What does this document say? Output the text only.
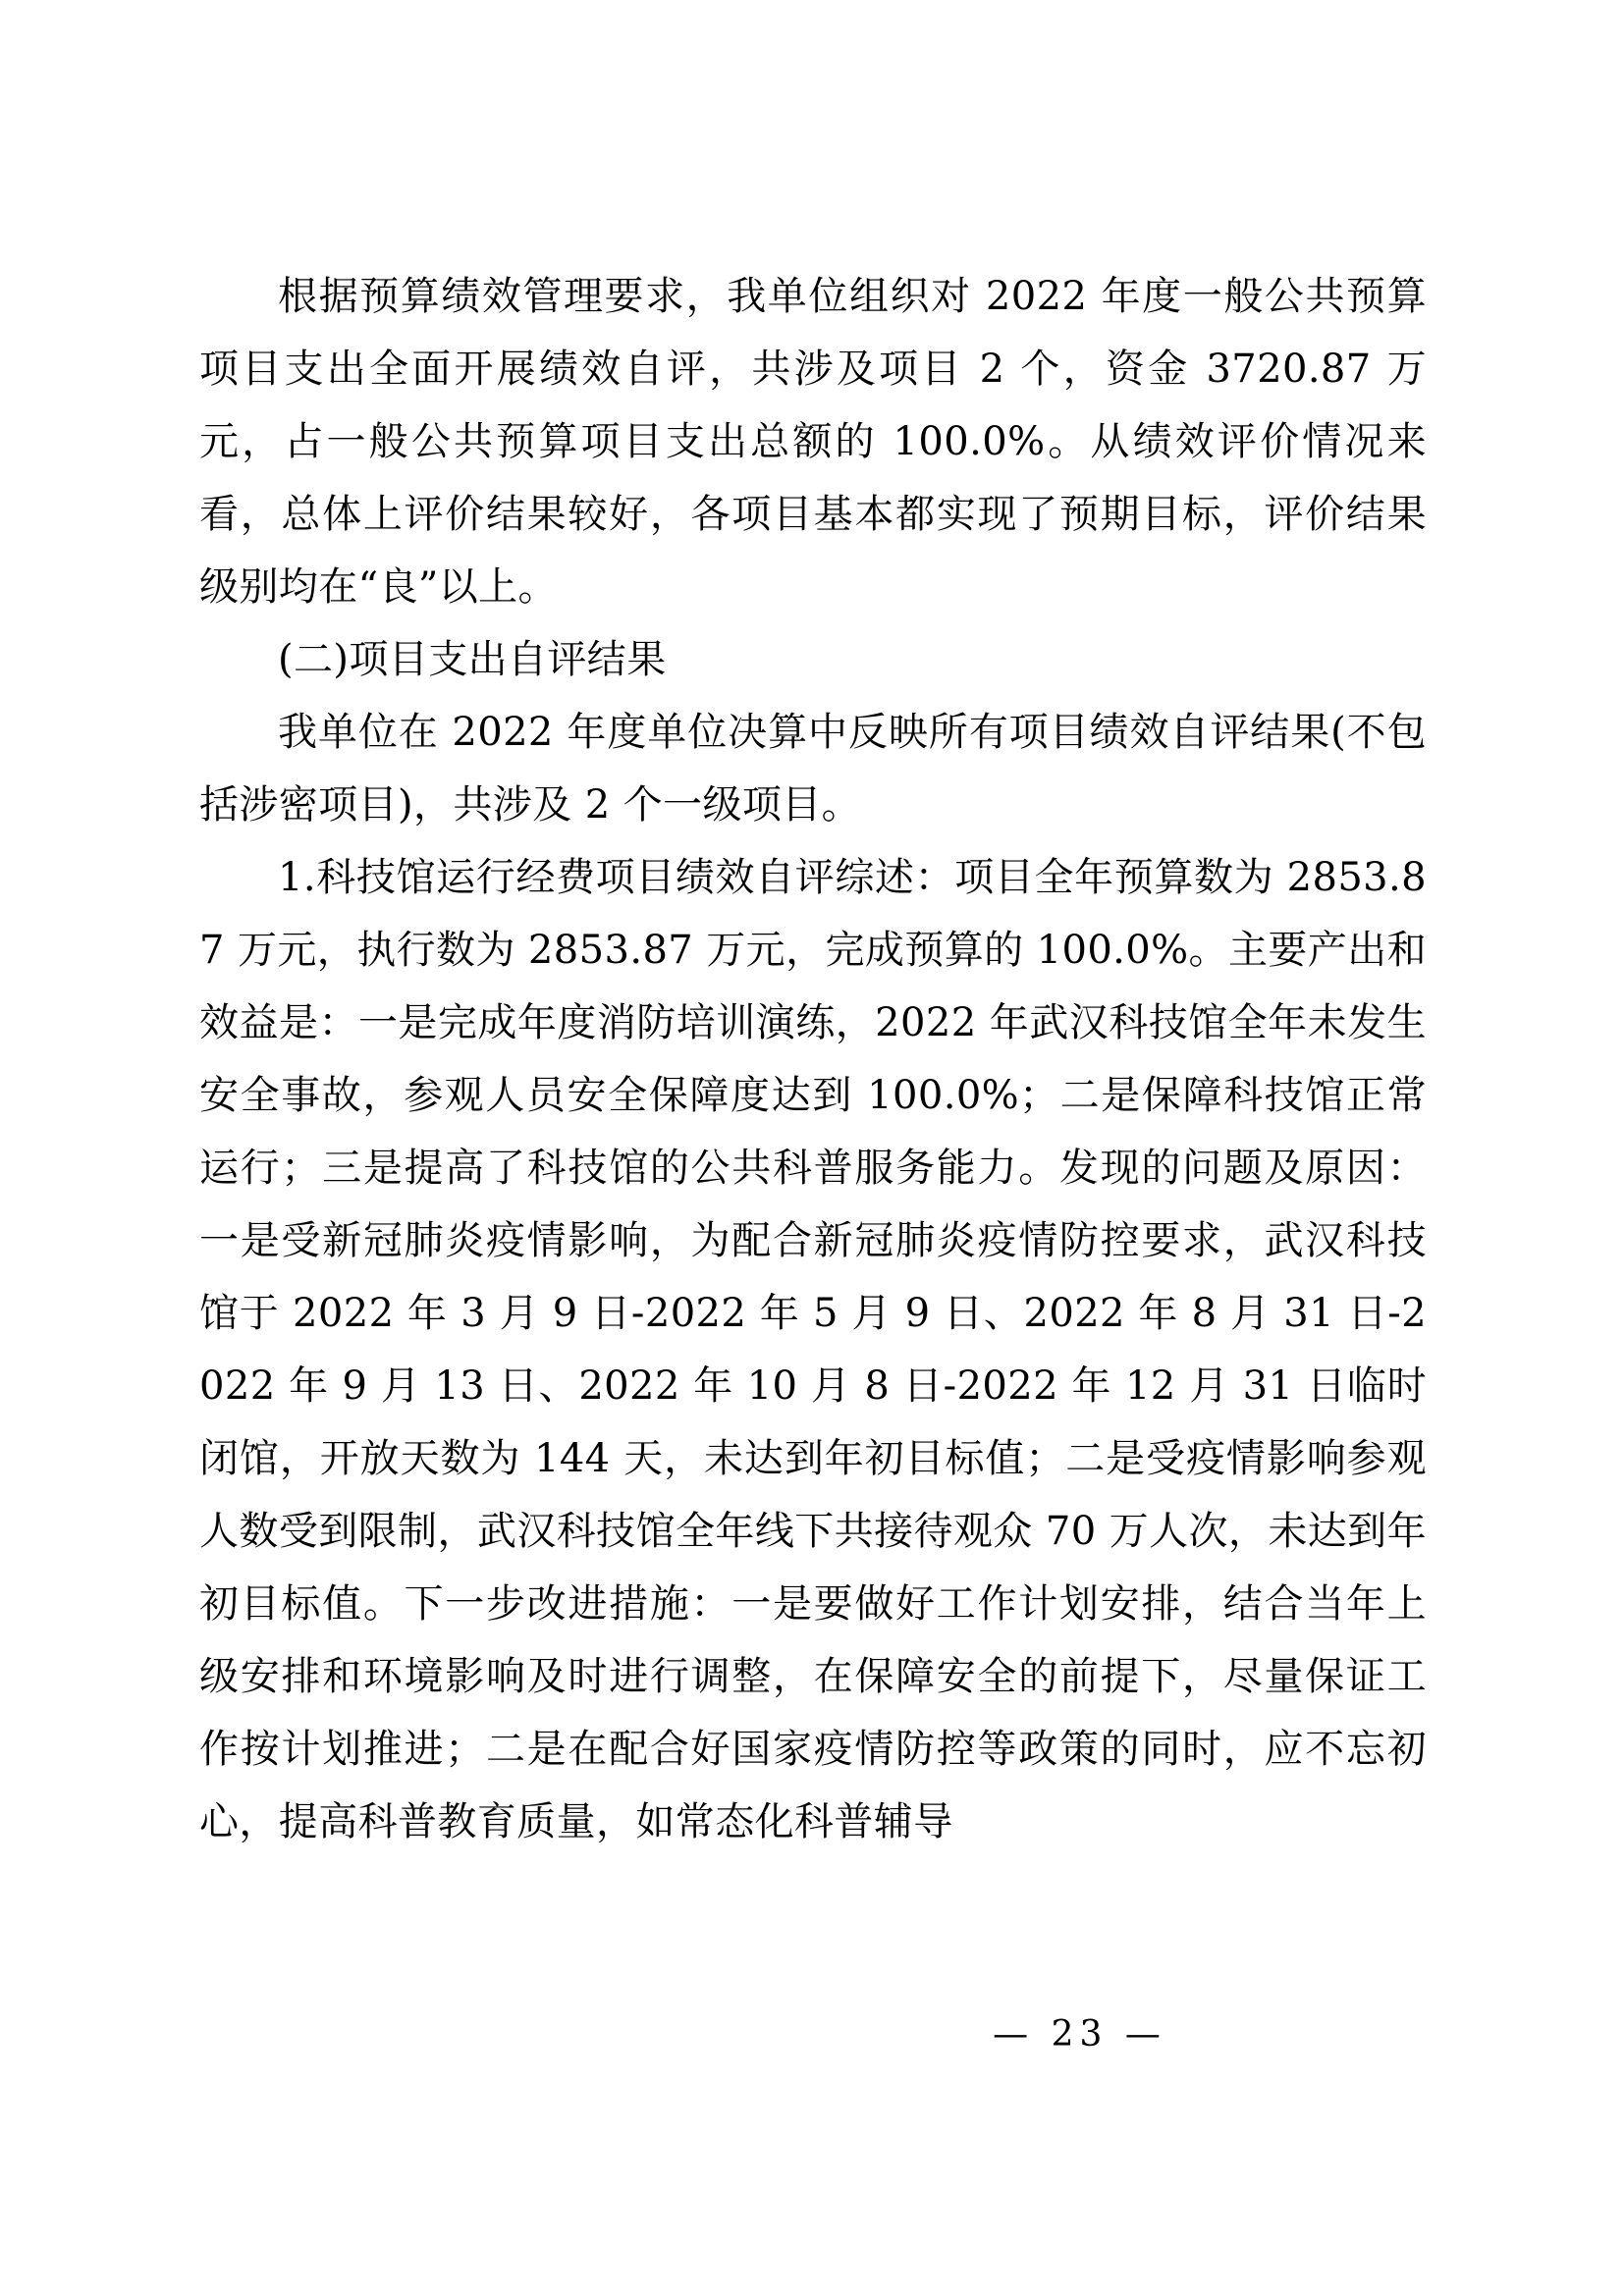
根据预算绩效管理要求，我单位组织对 2022 年度一般公共预算项目支出全面开展绩效自评，共涉及项目 2 个，资金 3720.87 万元，占一般公共预算项目支出总额的 100.0%。从绩效评价情况来看，总体上评价结果较好，各项目基本都实现了预期目标，评价结果级别均在“良”以上。

(二)项目支出自评结果

我单位在 2022 年度单位决算中反映所有项目绩效自评结果(不包括涉密项目)，共涉及 2 个一级项目。

1.科技馆运行经费项目绩效自评综述：项目全年预算数为 2853.87 万元，执行数为 2853.87 万元，完成预算的 100.0%。主要产出和效益是：一是完成年度消防培训演练，2022 年武汉科技馆全年未发生安全事故，参观人员安全保障度达到 100.0%；二是保障科技馆正常运行；三是提高了科技馆的公共科普服务能力。发现的问题及原因：一是受新冠肺炎疫情影响，为配合新冠肺炎疫情防控要求，武汉科技馆于 2022 年 3 月 9 日-2022 年 5 月 9 日、2022 年 8 月 31 日-2022 年 9 月 13 日、2022 年 10 月 8 日-2022 年 12 月 31 日临时闭馆，开放天数为 144 天，未达到年初目标值；二是受疫情影响参观人数受到限制，武汉科技馆全年线下共接待观众 70 万人次，未达到年初目标值。下一步改进措施：一是要做好工作计划安排，结合当年上级安排和环境影响及时进行调整，在保障安全的前提下，尽量保证工作按计划推进；二是在配合好国家疫情防控等政策的同时，应不忘初心，提高科普教育质量，如常态化科普辅导

— 23 —
